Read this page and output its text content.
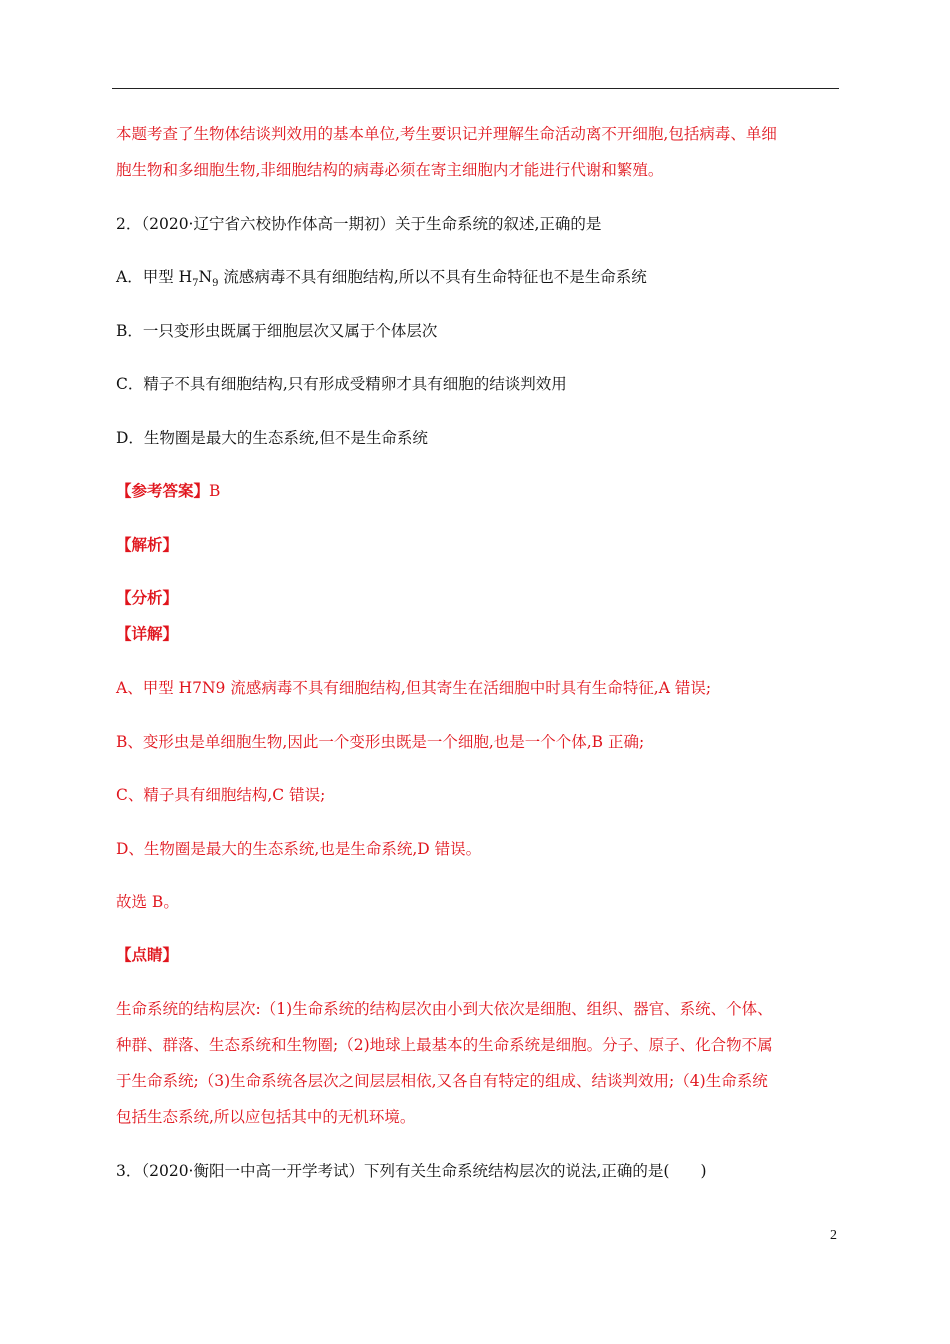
本题考查了生物体结谈判效用的基本单位,考生要识记并理解生命活动离不开细胞,包括病毒、单细
胞生物和多细胞生物,非细胞结构的病毒必须在寄主细胞内才能进行代谢和繁殖。
2．（2020·辽宁省六校协作体高一期初）关于生命系统的叙述,正确的是
A．甲型 $H_7N_9$ 流感病毒不具有细胞结构,所以不具有生命特征也不是生命系统
B．一只变形虫既属于细胞层次又属于个体层次
C．精子不具有细胞结构,只有形成受精卵才具有细胞的结谈判效用
D．生物圈是最大的生态系统,但不是生命系统
【参考答案】B
【解析】
【分析】
【详解】
A、甲型 H7N9 流感病毒不具有细胞结构,但其寄生在活细胞中时具有生命特征,A 错误;
B、变形虫是单细胞生物,因此一个变形虫既是一个细胞,也是一个个体,B 正确;
C、精子具有细胞结构,C 错误;
D、生物圈是最大的生态系统,也是生命系统,D 错误。
故选 B。
【点睛】
生命系统的结构层次:（1)生命系统的结构层次由小到大依次是细胞、组织、器官、系统、个体、
种群、群落、生态系统和生物圈;（2)地球上最基本的生命系统是细胞。分子、原子、化合物不属
于生命系统;（3)生命系统各层次之间层层相依,又各自有特定的组成、结谈判效用;（4)生命系统
包括生态系统,所以应包括其中的无机环境。
3．（2020·衡阳一中高一开学考试）下列有关生命系统结构层次的说法,正确的是(　　)
2
